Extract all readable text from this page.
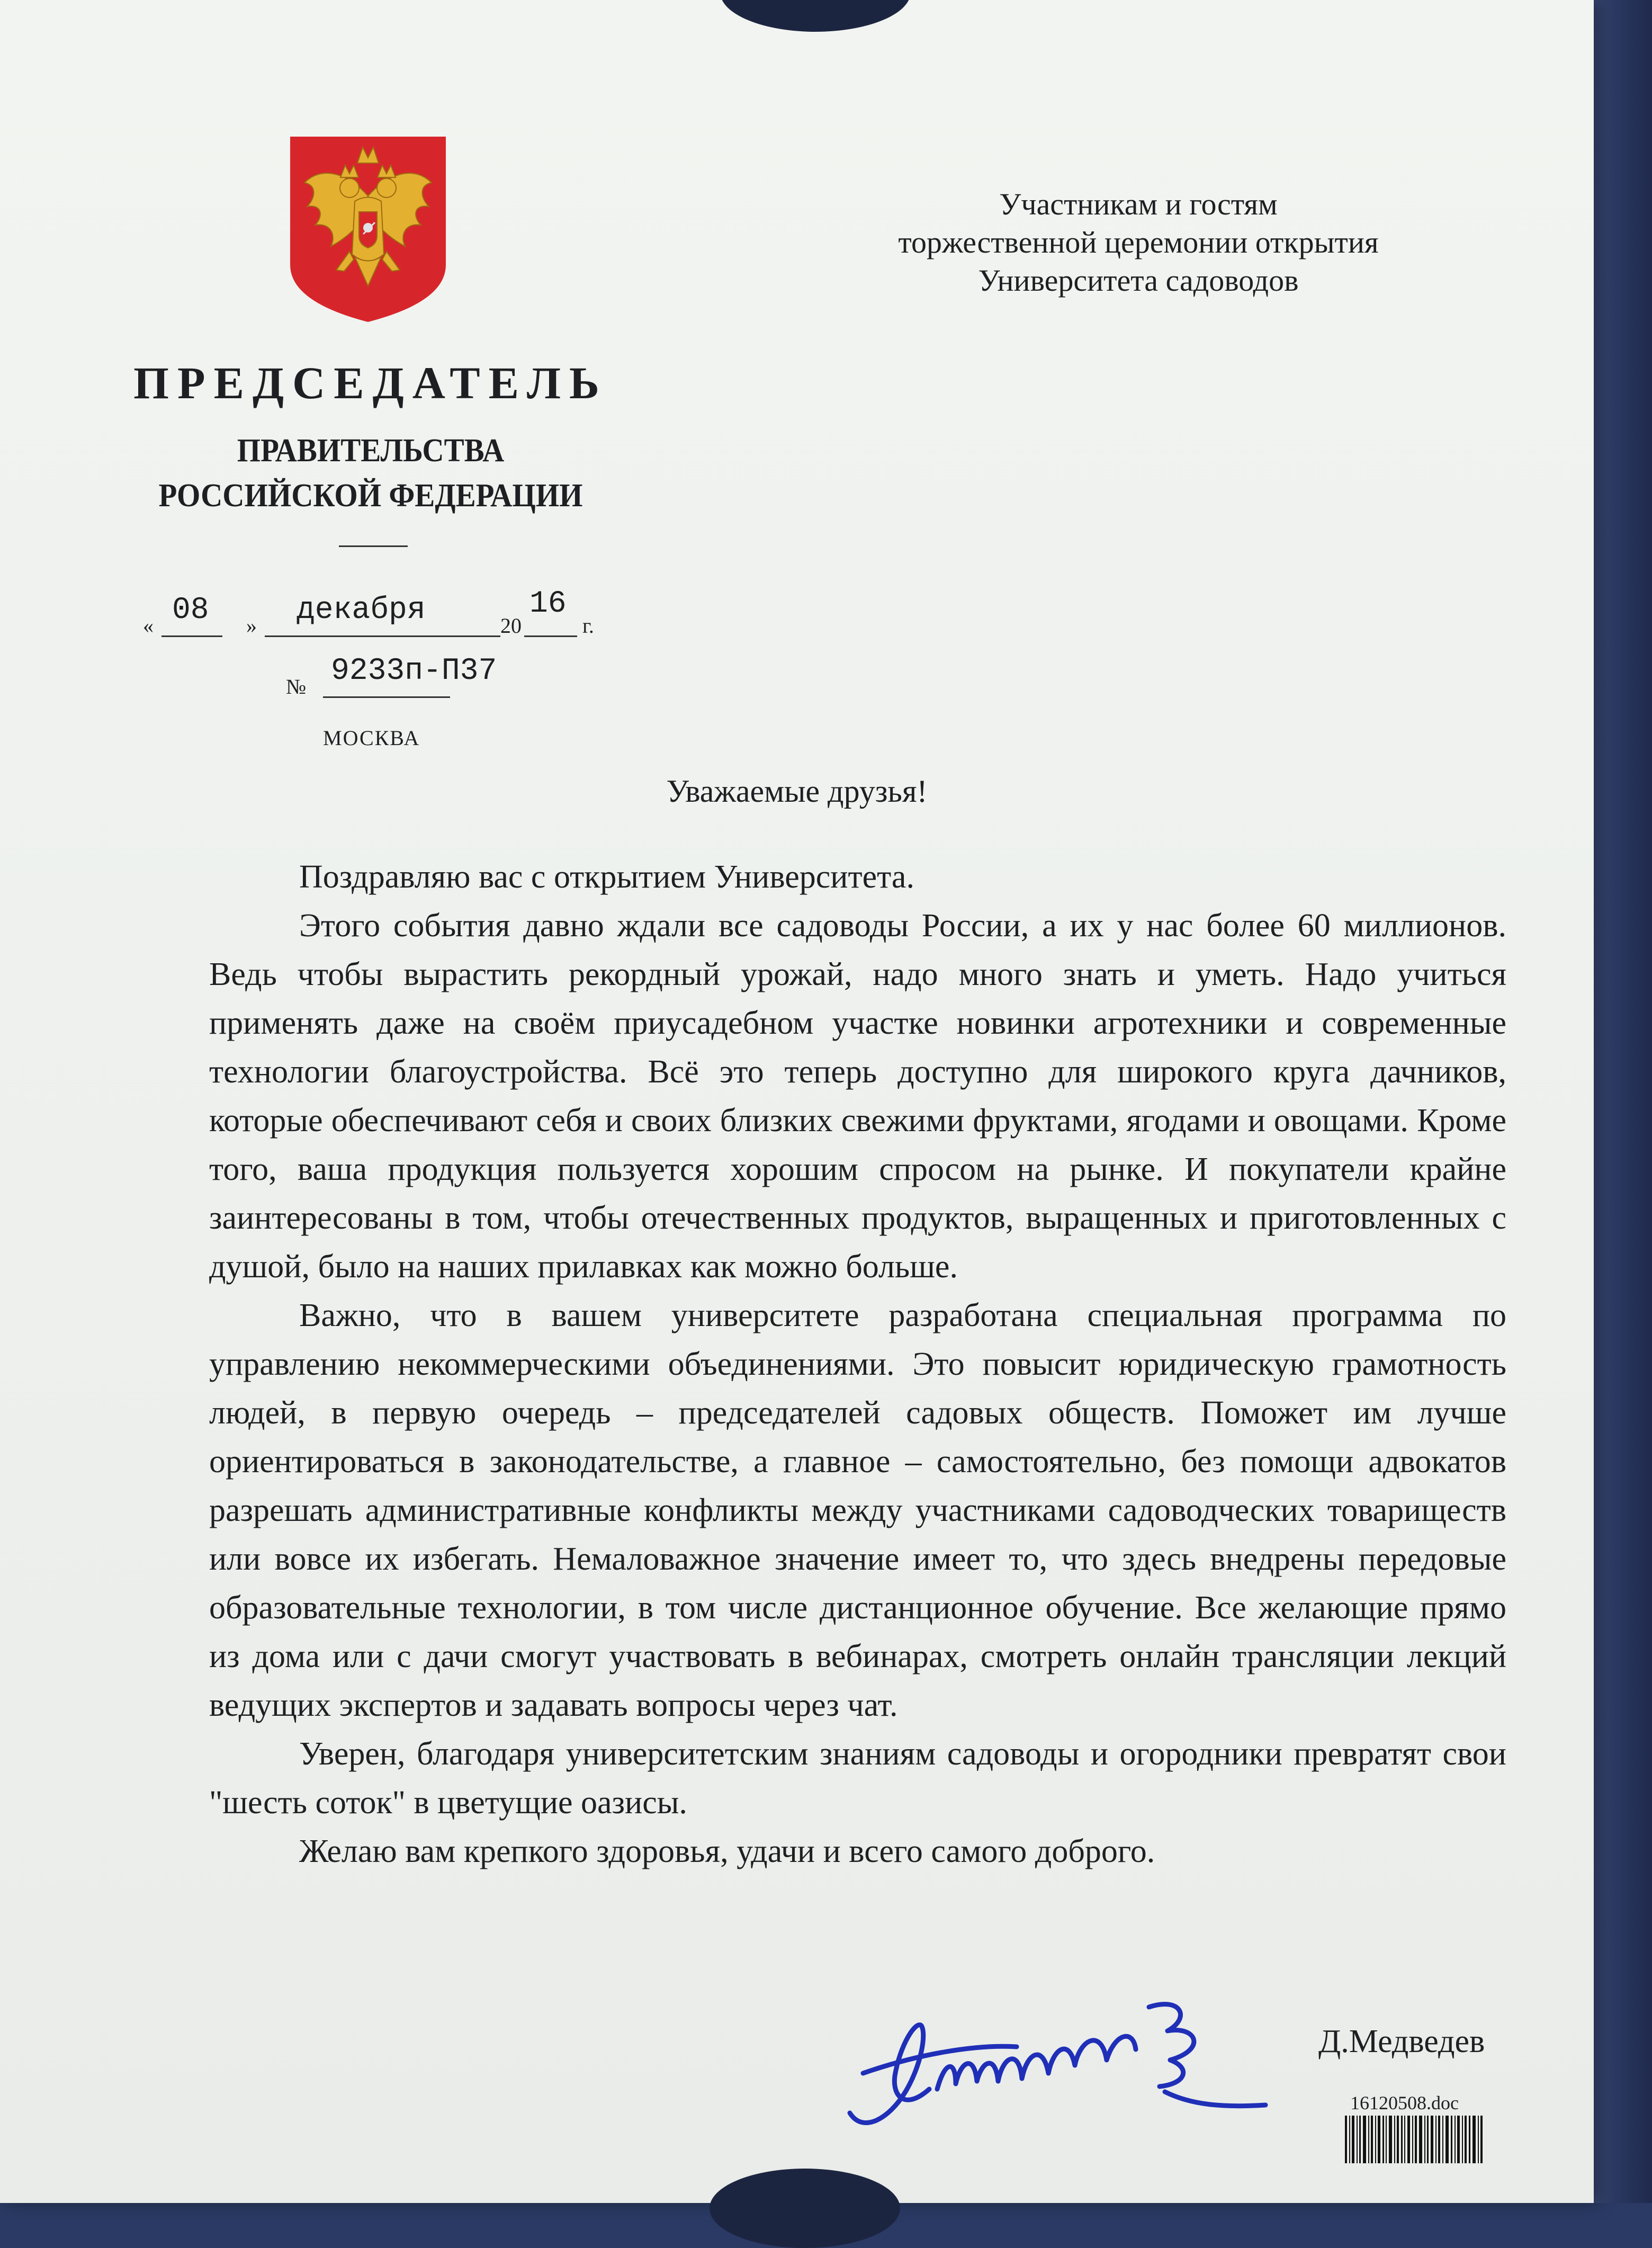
ПРЕДСЕДАТЕЛЬ
ПРАВИТЕЛЬСТВА
РОССИЙСКОЙ ФЕДЕРАЦИИ
« 08 » декабря	20
16
г.
№ 9233п-П37
МОСКВА
Участникам и гостям
торжественной церемонии открытия
Университета садоводов
Уважаемые друзья!

Поздравляю вас с открытием Университета.

Этого события давно ждали все садоводы России, а их у нас более 60 миллионов. Ведь чтобы вырастить рекордный урожай, надо много знать и уметь. Надо учиться применять даже на своём приусадебном участке новинки агротехники и современные технологии благоустройства. Всё это теперь доступно для широкого круга дачников, которые обеспечивают себя и своих близких свежими фруктами, ягодами и овощами. Кроме того, ваша продукция пользуется хорошим спросом на рынке. И покупатели крайне заинтересованы в том, чтобы отечественных продуктов, выращенных и приготовленных с душой, было на наших прилавках как можно больше.

Важно, что в вашем университете разработана специальная программа по управлению некоммерческими объединениями. Это повысит юридическую грамотность людей, в первую очередь – председателей садовых обществ. Поможет им лучше ориентироваться в законодательстве, а главное – самостоятельно, без помощи адвокатов разрешать административные конфликты между участниками садоводческих товариществ или вовсе их избегать. Немаловажное значение имеет то, что здесь внедрены передовые образовательные технологии, в том числе дистанционное обучение. Все желающие прямо из дома или с дачи смогут участвовать в вебинарах, смотреть онлайн трансляции лекций ведущих экспертов и задавать вопросы через чат.

Уверен, благодаря университетским знаниям садоводы и огородники превратят свои "шесть соток" в цветущие оазисы.

Желаю вам крепкого здоровья, удачи и всего самого доброго.

Д.Медведев
16120508.doc
